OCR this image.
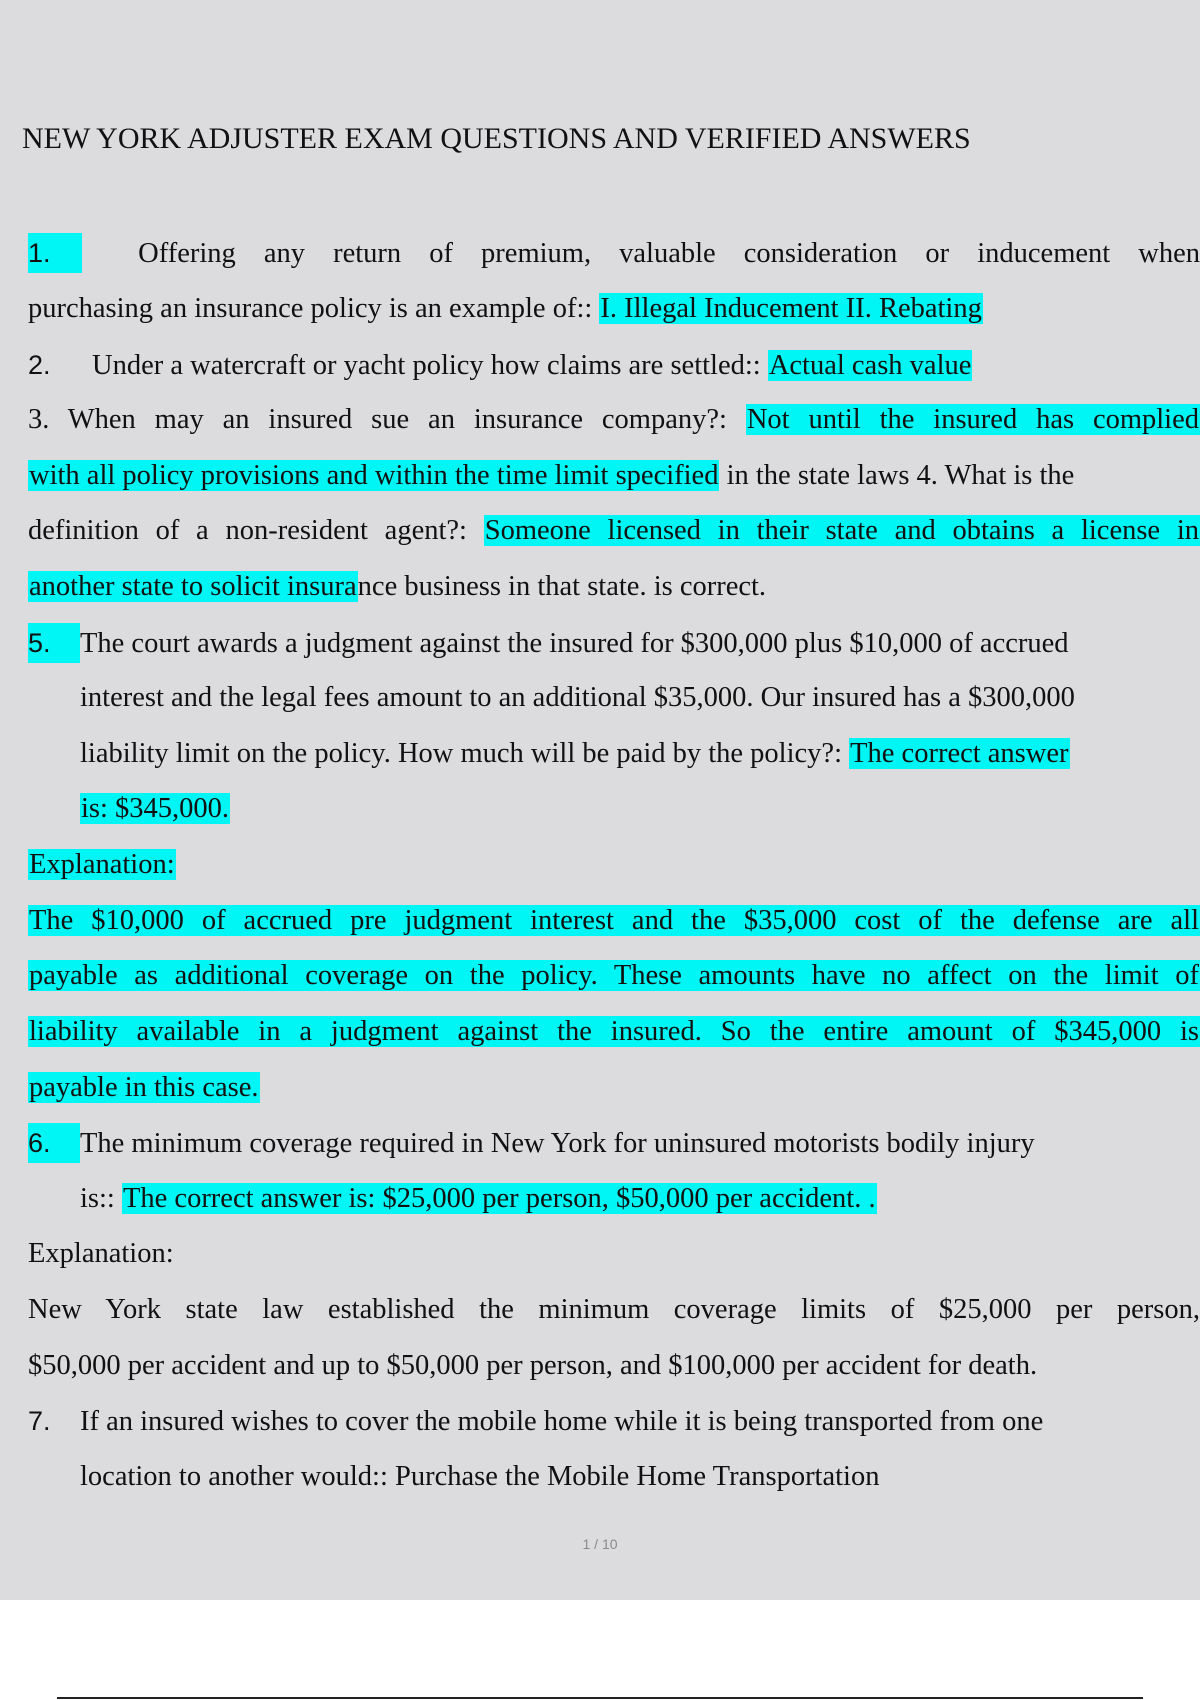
NEW YORK ADJUSTER EXAM QUESTIONS AND VERIFIED ANSWERS
1.	Offering any return of premium, valuable consideration or inducement when
purchasing an insurance policy is an example of:: I. Illegal Inducement II. Rebating
2. Under a watercraft or yacht policy how claims are settled:: Actual cash value
3. When may an insured sue an insurance company?: Not until the insured has complied
with all policy provisions and within the time limit specified in the state laws 4. What is the
definition of a non-resident agent?: Someone licensed in their state and obtains a license in
another state to solicit insurance business in that state. is correct.
5. The court awards a judgment against the insured for $300,000 plus $10,000 of accrued
interest and the legal fees amount to an additional $35,000. Our insured has a $300,000
liability limit on the policy. How much will be paid by the policy?: The correct answer
is: $345,000.
Explanation:
The $10,000 of accrued pre judgment interest and the $35,000 cost of the defense are all
payable as additional coverage on the policy. These amounts have no affect on the limit of
liability available in a judgment against the insured. So the entire amount of $345,000 is
payable in this case.
6. The minimum coverage required in New York for uninsured motorists bodily injury
is:: The correct answer is: $25,000 per person, $50,000 per accident. .
Explanation:
New York state law established the minimum coverage limits of $25,000 per person,
$50,000 per accident and up to $50,000 per person, and $100,000 per accident for death.
7. If an insured wishes to cover the mobile home while it is being transported from one
location to another would:: Purchase the Mobile Home Transportation
1 / 10
